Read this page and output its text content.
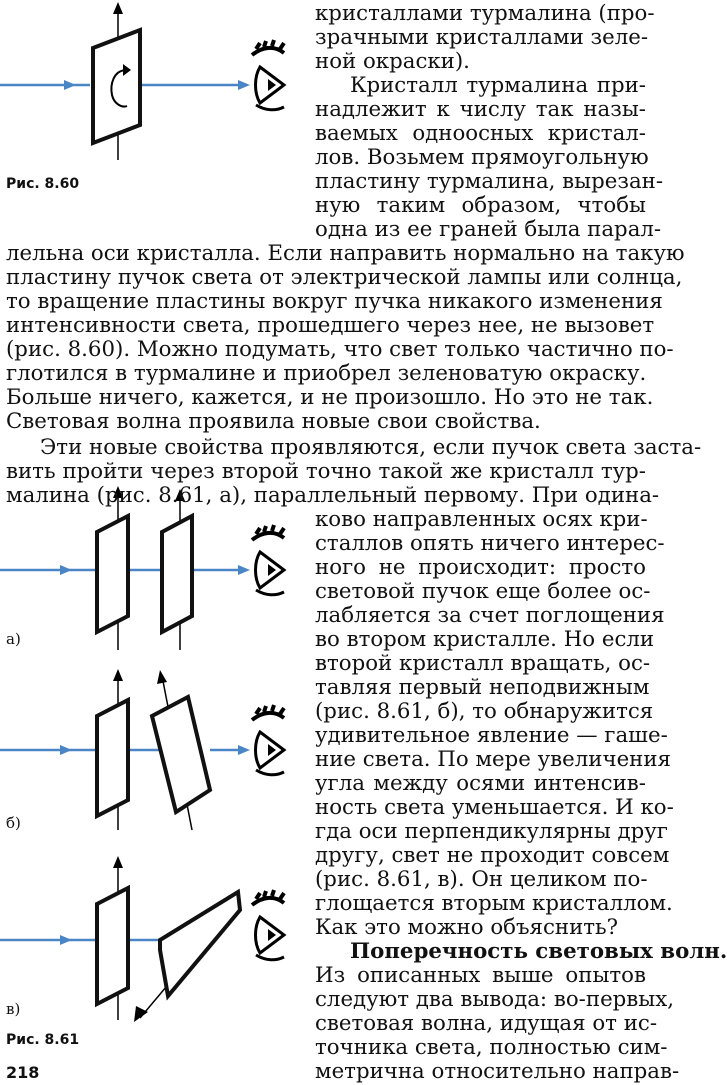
Рис. 8.60
а)
б)
в)
Рис. 8.61
218
кристаллами турмалина (про-
зрачными кристаллами зеле-
ной окраски).
Кристалл турмалина при-
надлежит к числу так назы-
ваемых одноосных кристал-
лов. Возьмем прямоугольную
пластину турмалина, вырезан-
ную таким образом, чтобы
одна из ее граней была парал-
лельна оси кристалла. Если направить нормально на такую
пластину пучок света от электрической лампы или солнца,
то вращение пластины вокруг пучка никакого изменения
интенсивности света, прошедшего через нее, не вызовет
(рис. 8.60). Можно подумать, что свет только частично по-
глотился в турмалине и приобрел зеленоватую окраску.
Больше ничего, кажется, и не произошло. Но это не так.
Световая волна проявила новые свои свойства.
Эти новые свойства проявляются, если пучок света застa-
вить пройти через второй точно такой же кристалл тур-
малина (рис. 8.61, а), параллельный первому. При одина-
ково направленных осях кри-
сталлов опять ничего интерес-
ного не происходит: просто
световой пучок еще более ос-
лабляется за счет поглощения
во втором кристалле. Но если
второй кристалл вращать, ос-
тавляя первый неподвижным
(рис. 8.61, б), то обнаружится
удивительное явление — гаше-
ние света. По мере увеличения
угла между осями интенсив-
ность света уменьшается. И ко-
гда оси перпендикулярны друг
другу, свет не проходит совсем
(рис. 8.61, в). Он целиком по-
глощается вторым кристаллом.
Как это можно объяснить?
Поперечность световых волн.
Из описанных выше опытов
следуют два вывода: во-первых,
световая волна, идущая от ис-
точника света, полностью сим-
метрична относительно направ-
